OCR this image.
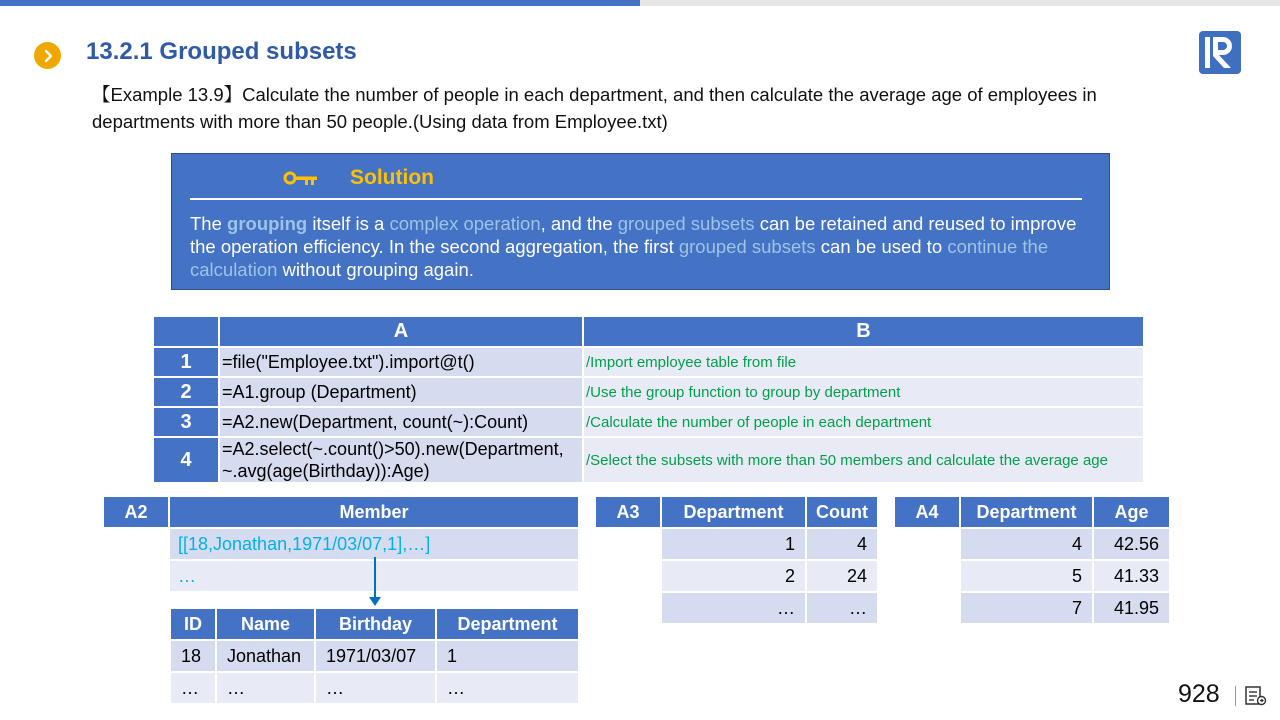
13.2.1 Grouped subsets
【Example 13.9】Calculate the number of people in each department, and then calculate the average age of employees in departments with more than 50 people.(Using data from Employee.txt)
Solution
The grouping itself is a complex operation, and the grouped subsets can be retained and reused to improve the operation efficiency. In the second aggregation, the first grouped subsets can be used to continue the calculation without grouping again.
	A	B
1	=file("Employee.txt").import@t()	/Import employee table from file
2	=A1.group (Department)	/Use the group function to group by department
3	=A2.new(Department, count(~):Count)	/Calculate the number of people in each department
4	=A2.select(~.count()>50).new(Department, ~.avg(age(Birthday)):Age)	/Select the subsets with more than 50 members and calculate the average age
A2	Member
	[[18,Jonathan,1971/03/07,1],…]
	…
ID	Name	Birthday	Department
18	Jonathan	1971/03/07	1
…	…	…	…
A3	Department	Count
	1	4
	2	24
	…	…
A4	Department	Age
	4	42.56
	5	41.33
	7	41.95
928
